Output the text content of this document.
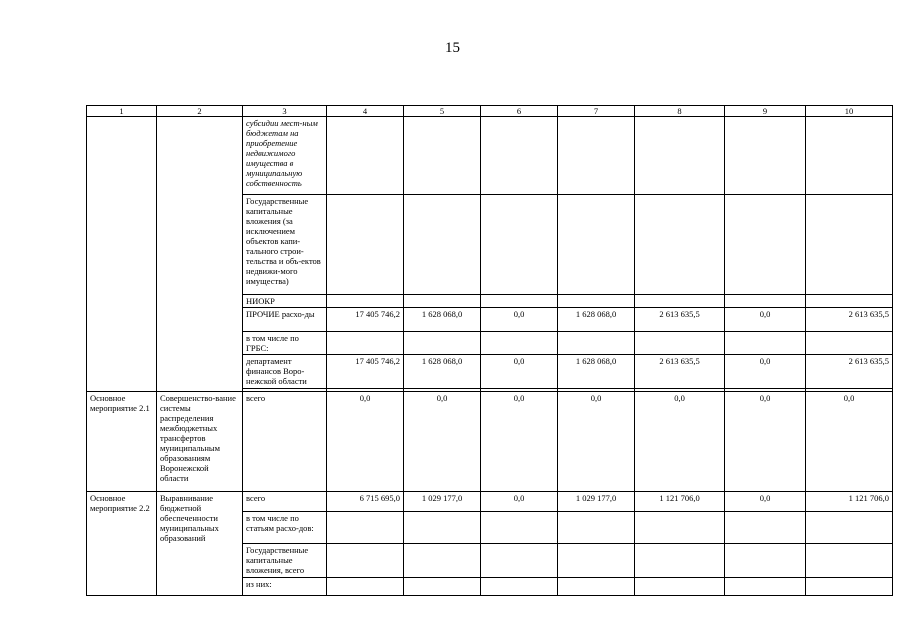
15
1	2	3	4	5	6	7	8	9	10
		субсидии мест-ным бюджетам на приобретение недвижимого имущества в муниципальную собственность							
		Государственные капитальные вложения (за исключением объектов капи-тального строи-тельства и объ-ектов недвижи-мого имущества)							
		НИОКР							
		ПРОЧИЕ расхо-ды	17 405 746,2	1 628 068,0	0,0	1 628 068,0	2 613 635,5	0,0	2 613 635,5
		в том числе по ГРБС:							
		департамент финансов Воро-нежской области	17 405 746,2	1 628 068,0	0,0	1 628 068,0	2 613 635,5	0,0	2 613 635,5

Основное мероприятие 2.1	Совершенство-вание системы распределения межбюджетных трансфертов муниципальным образованиям Воронежской области	всего	0,0	0,0	0,0	0,0	0,0	0,0	0,0
Основное мероприятие 2.2	Выравнивание бюджетной обеспеченности муниципальных образований	всего	6 715 695,0	1 029 177,0	0,0	1 029 177,0	1 121 706,0	0,0	1 121 706,0
		в том числе по статьям расхо-дов:							
		Государственные капитальные вложения, всего							
		из них:							
